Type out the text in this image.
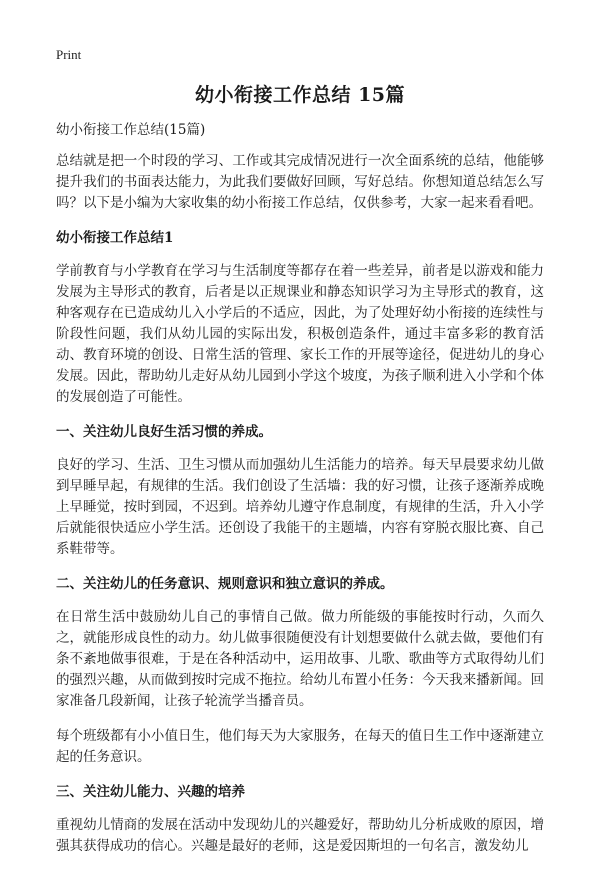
Print
幼小衔接工作总结 15篇
幼小衔接工作总结(15篇)

总结就是把一个时段的学习、工作或其完成情况进行一次全面系统的总结，他能够提升我们的书面表达能力，为此我们要做好回顾，写好总结。你想知道总结怎么写吗？以下是小编为大家收集的幼小衔接工作总结，仅供参考，大家一起来看看吧。

幼小衔接工作总结1

学前教育与小学教育在学习与生活制度等都存在着一些差异，前者是以游戏和能力发展为主导形式的教育，后者是以正规课业和静态知识学习为主导形式的教育，这种客观存在已造成幼儿入小学后的不适应，因此，为了处理好幼小衔接的连续性与阶段性问题，我们从幼儿园的实际出发，积极创造条件，通过丰富多彩的教育活动、教育环境的创设、日常生活的管理、家长工作的开展等途径，促进幼儿的身心发展。因此，帮助幼儿走好从幼儿园到小学这个坡度，为孩子顺利进入小学和个体的发展创造了可能性。

一、关注幼儿良好生活习惯的养成。

良好的学习、生活、卫生习惯从而加强幼儿生活能力的培养。每天早晨要求幼儿做到早睡早起，有规律的生活。我们创设了生活墙：我的好习惯，让孩子逐渐养成晚上早睡觉，按时到园，不迟到。培养幼儿遵守作息制度，有规律的生活，升入小学后就能很快适应小学生活。还创设了我能干的主题墙，内容有穿脱衣服比赛、自己系鞋带等。

二、关注幼儿的任务意识、规则意识和独立意识的养成。

在日常生活中鼓励幼儿自己的事情自己做。做力所能级的事能按时行动，久而久之，就能形成良性的动力。幼儿做事很随便没有计划想要做什么就去做，要他们有条不紊地做事很难，于是在各种活动中，运用故事、儿歌、歌曲等方式取得幼儿们的强烈兴趣，从而做到按时完成不拖拉。给幼儿布置小任务：今天我来播新闻。回家准备几段新闻，让孩子轮流学当播音员。

每个班级都有小小值日生，他们每天为大家服务，在每天的值日生工作中逐渐建立起的任务意识。

三、关注幼儿能力、兴趣的培养

重视幼儿情商的发展在活动中发现幼儿的兴趣爱好，帮助幼儿分析成败的原因，增强其获得成功的信心。兴趣是最好的老师，这是爱因斯坦的一句名言，激发幼儿
